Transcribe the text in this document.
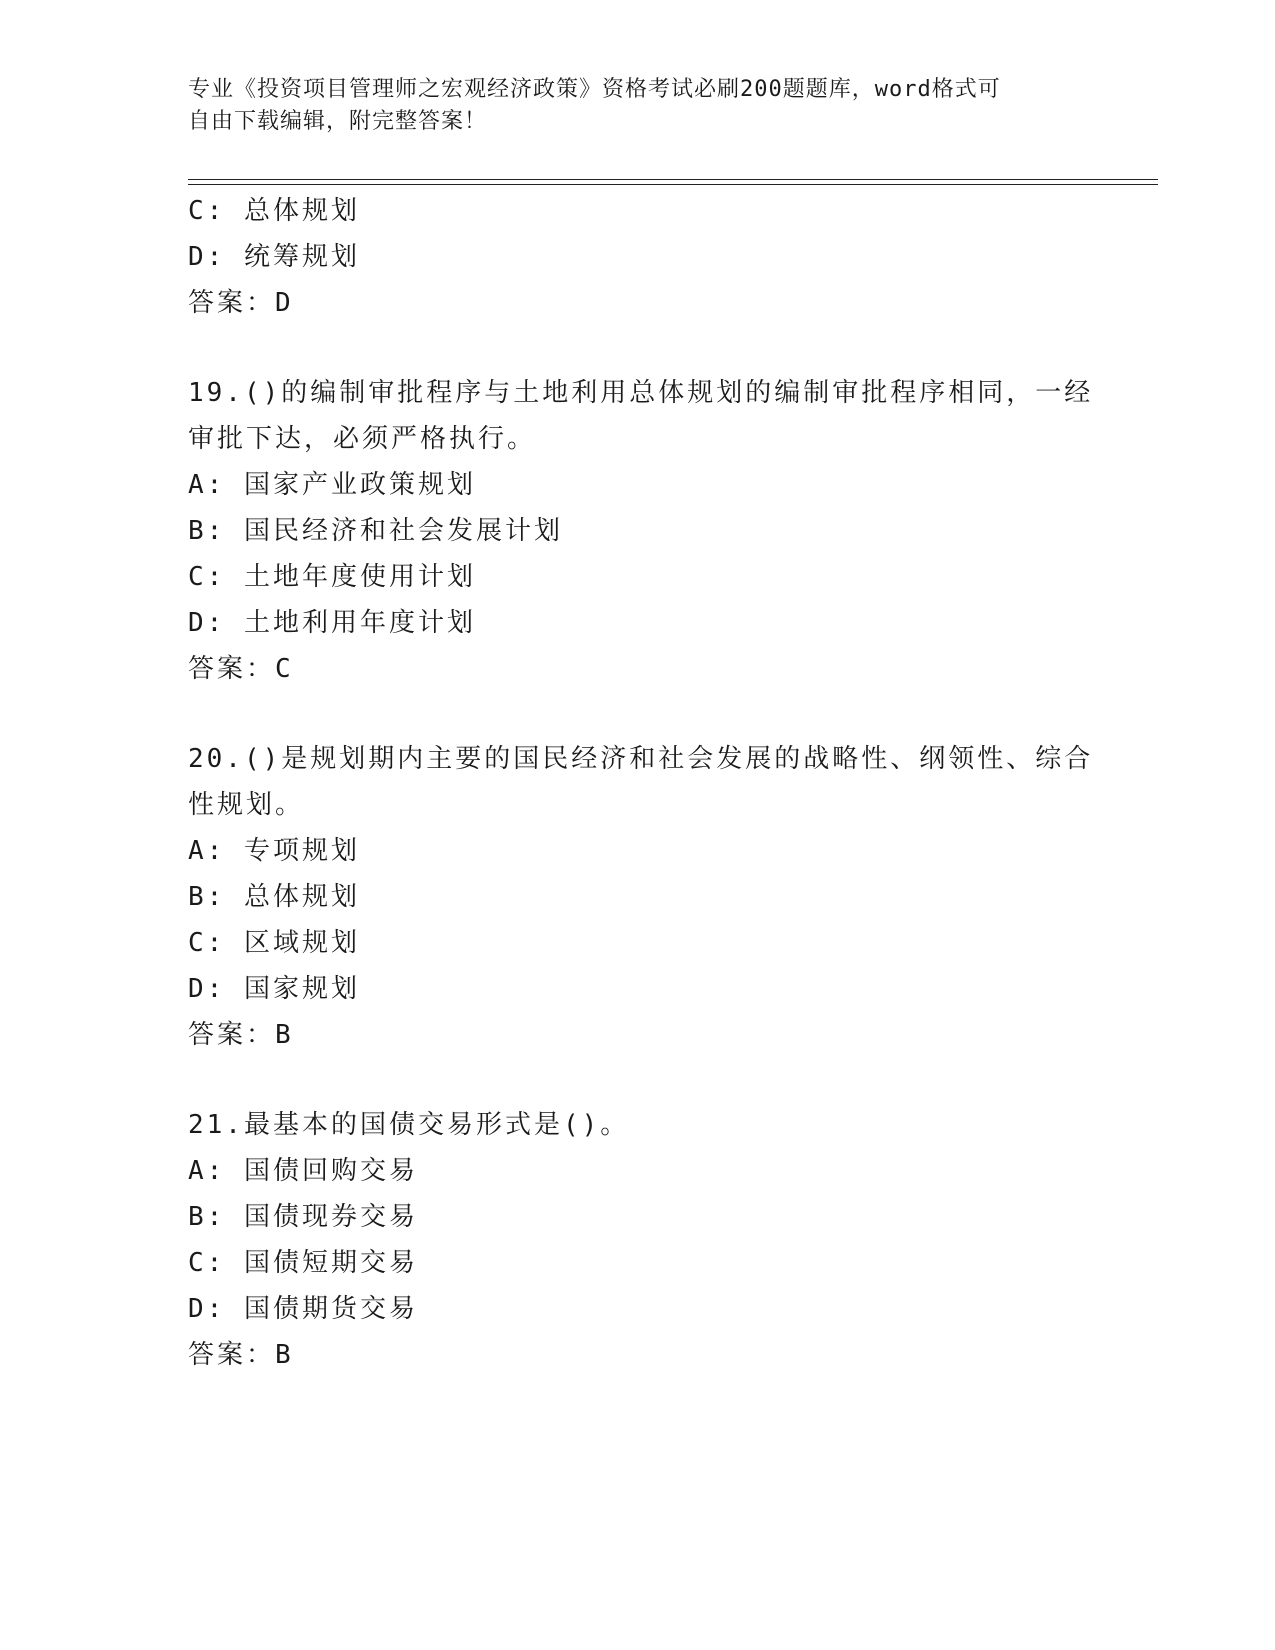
专业《投资项目管理师之宏观经济政策》资格考试必刷200题题库，word格式可
自由下载编辑，附完整答案！
C: 总体规划
D: 统筹规划
答案：D
19.()的编制审批程序与土地利用总体规划的编制审批程序相同，一经
审批下达，必须严格执行。
A: 国家产业政策规划
B: 国民经济和社会发展计划
C: 土地年度使用计划
D: 土地利用年度计划
答案：C
20.()是规划期内主要的国民经济和社会发展的战略性、纲领性、综合
性规划。
A: 专项规划
B: 总体规划
C: 区域规划
D: 国家规划
答案：B
21.最基本的国债交易形式是()。
A: 国债回购交易
B: 国债现券交易
C: 国债短期交易
D: 国债期货交易
答案：B
